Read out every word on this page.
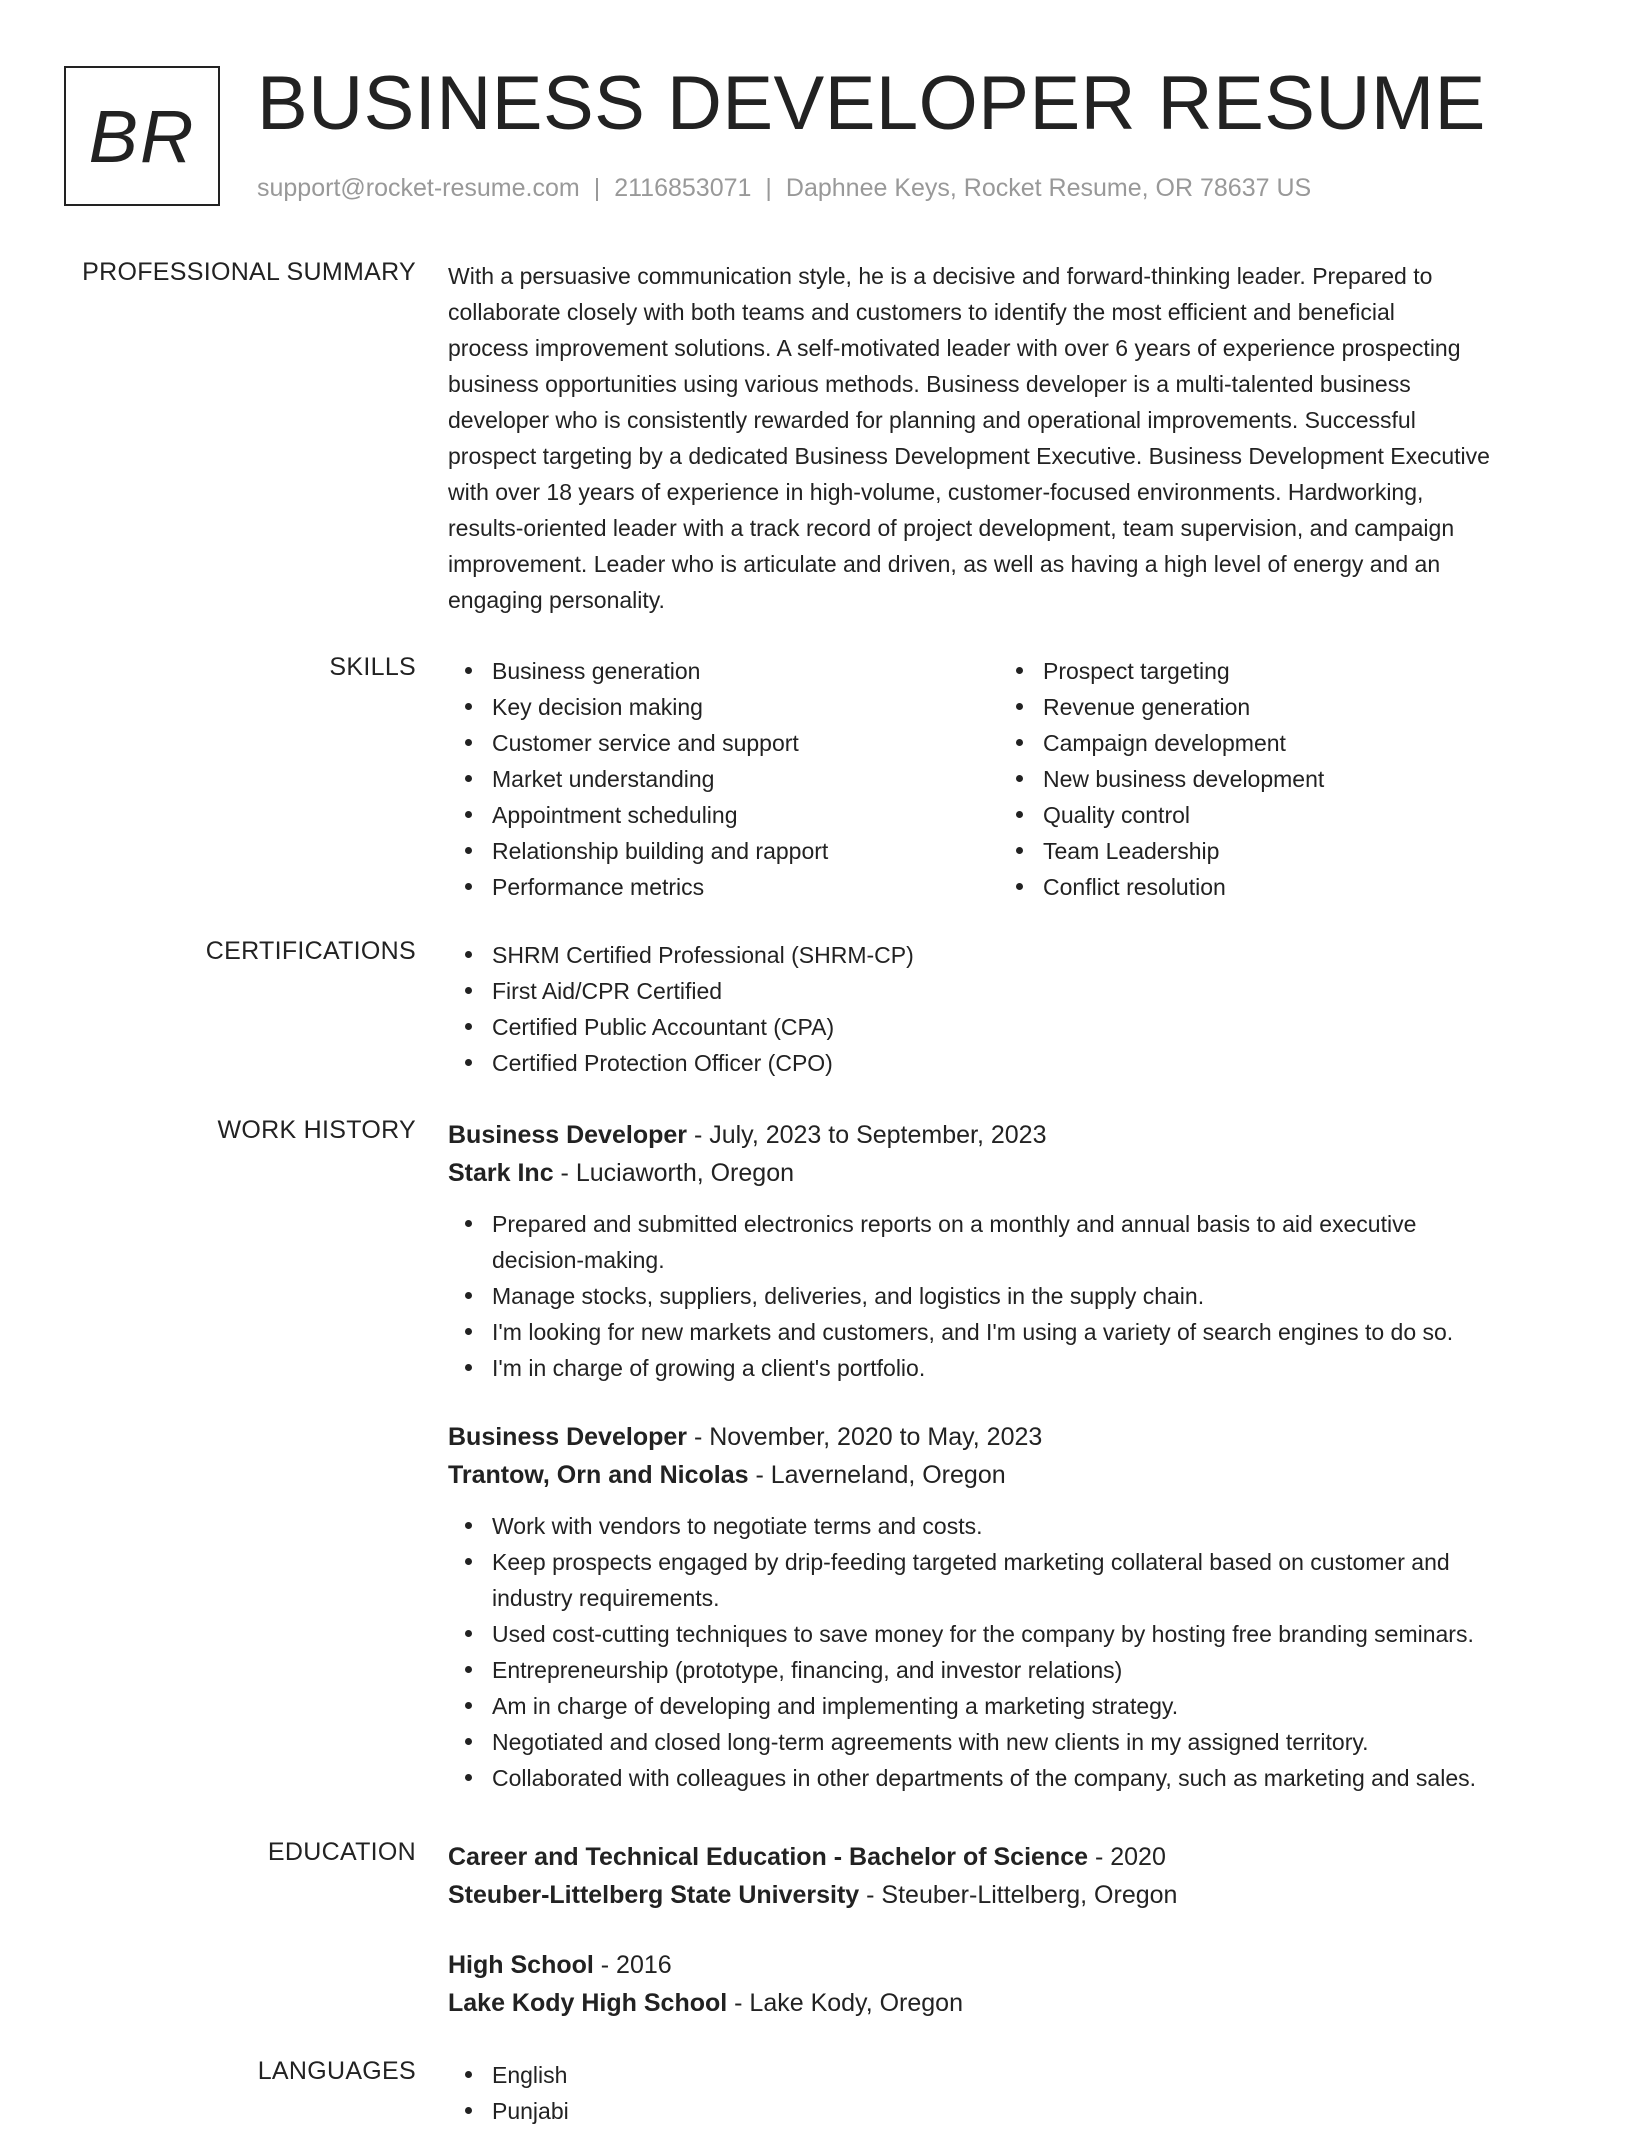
BR BUSINESS DEVELOPER RESUME
support@rocket-resume.com | 2116853071 | Daphnee Keys, Rocket Resume, OR 78637 US
PROFESSIONAL SUMMARY With a persuasive communication style, he is a decisive and forward-thinking leader. Prepared to
collaborate closely with both teams and customers to identify the most efficient and beneficial
process improvement solutions. A self-motivated leader with over 6 years of experience prospecting
business opportunities using various methods. Business developer is a multi-talented business
developer who is consistently rewarded for planning and operational improvements. Successful
prospect targeting by a dedicated Business Development Executive. Business Development Executive
with over 18 years of experience in high-volume, customer-focused environments. Hardworking,
results-oriented leader with a track record of project development, team supervision, and campaign
improvement. Leader who is articulate and driven, as well as having a high level of energy and an
engaging personality.
SKILLS	Business generation
Key decision making
Customer service and support
Market understanding
Appointment scheduling
Relationship building and rapport
Performance metrics
Prospect targeting
Revenue generation
Campaign development
New business development
Quality control
Team Leadership
Conflict resolution
CERTIFICATIONS	SHRM Certified Professional (SHRM-CP)
First Aid/CPR Certified
Certified Public Accountant (CPA)
Certified Protection Officer (CPO)
WORK HISTORY Business Developer - July, 2023 to September, 2023
Stark Inc - Luciaworth, Oregon
Prepared and submitted electronics reports on a monthly and annual basis to aid executive
decision-making.
Manage stocks, suppliers, deliveries, and logistics in the supply chain.
I'm looking for new markets and customers, and I'm using a variety of search engines to do so.
I'm in charge of growing a client's portfolio.
Business Developer - November, 2020 to May, 2023
Trantow, Orn and Nicolas - Laverneland, Oregon
Work with vendors to negotiate terms and costs.
Keep prospects engaged by drip-feeding targeted marketing collateral based on customer and
industry requirements.
Used cost-cutting techniques to save money for the company by hosting free branding seminars.
Entrepreneurship (prototype, financing, and investor relations)
Am in charge of developing and implementing a marketing strategy.
Negotiated and closed long-term agreements with new clients in my assigned territory.
Collaborated with colleagues in other departments of the company, such as marketing and sales.
EDUCATION Career and Technical Education - Bachelor of Science - 2020
Steuber-Littelberg State University - Steuber-Littelberg, Oregon
High School - 2016
Lake Kody High School - Lake Kody, Oregon
LANGUAGES	English
Punjabi
